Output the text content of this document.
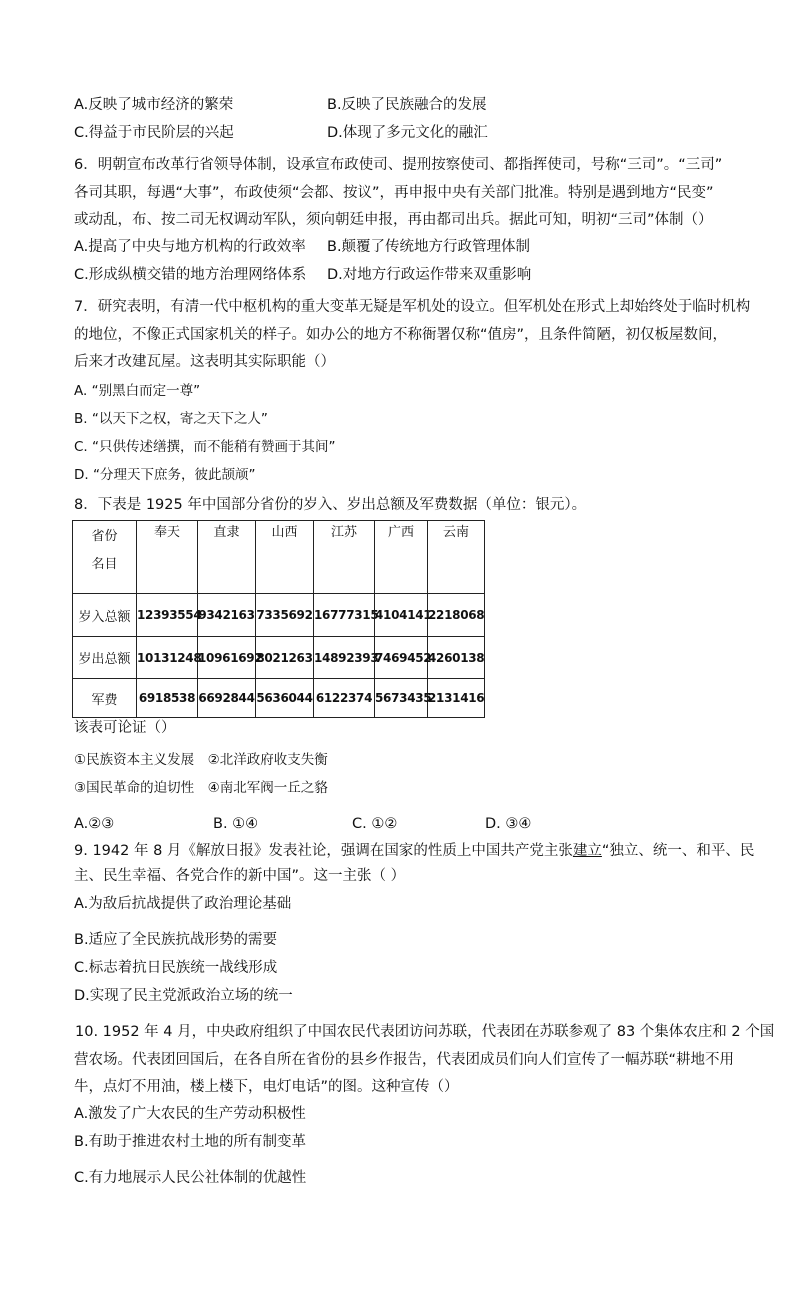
A.反映了城市经济的繁荣	B.反映了民族融合的发展
C.得益于市民阶层的兴起	D.体现了多元文化的融汇
6．明朝宣布改革行省领导体制，设承宣布政使司、提刑按察使司、都指挥使司，号称“三司”。“三司”
各司其职，每遇“大事”，布政使须“会都、按议”，再申报中央有关部门批准。特别是遇到地方“民变”
或动乱，布、按二司无权调动军队，须向朝廷申报，再由都司出兵。据此可知，明初“三司”体制（）
A.提高了中央与地方机构的行政效率 B.颠覆了传统地方行政管理体制
C.形成纵横交错的地方治理网络体系 D.对地方行政运作带来双重影响
7．研究表明，有清一代中枢机构的重大变革无疑是军机处的设立。但军机处在形式上却始终处于临时机构
的地位，不像正式国家机关的样子。如办公的地方不称衙署仅称“值房”，且条件简陋，初仅板屋数间，
后来才改建瓦屋。这表明其实际职能（）
A. “别黑白而定一尊”
B. “以天下之权，寄之天下之人”
C. “只供传述缮撰，而不能稍有赞画于其间”
D. “分理天下庶务，彼此颉颃”
8．下表是 1925 年中国部分省份的岁入、岁出总额及军费数据（单位：银元）。
省份
名目	奉天	直隶	山西	江苏	广西	云南
岁入总额	12393554	9342163	7335692	16777315	4104141	2218068
岁出总额	10131248	10961692	8021263	14892393	7469452	4260138
军费	6918538	6692844	5636044	6122374	5673435	2131416
该表可论证（）
①民族资本主义发展　②北洋政府收支失衡
③国民革命的迫切性　④南北军阀一丘之貉
A.②③	B. ①④	C. ①②	D. ③④
9. 1942 年 8 月《解放日报》发表社论，强调在国家的性质上中国共产党主张建立“独立、统一、和平、民
主、民生幸福、各党合作的新中国”。这一主张（ ）
A.为敌后抗战提供了政治理论基础
B.适应了全民族抗战形势的需要
C.标志着抗日民族统一战线形成
D.实现了民主党派政治立场的统一
10. 1952 年 4 月，中央政府组织了中国农民代表团访问苏联，代表团在苏联参观了 83 个集体农庄和 2 个国
营农场。代表团回国后，在各自所在省份的县乡作报告，代表团成员们向人们宣传了一幅苏联“耕地不用
牛，点灯不用油，楼上楼下，电灯电话”的图。这种宣传（）
A.激发了广大农民的生产劳动积极性
B.有助于推进农村土地的所有制变革
C.有力地展示人民公社体制的优越性
